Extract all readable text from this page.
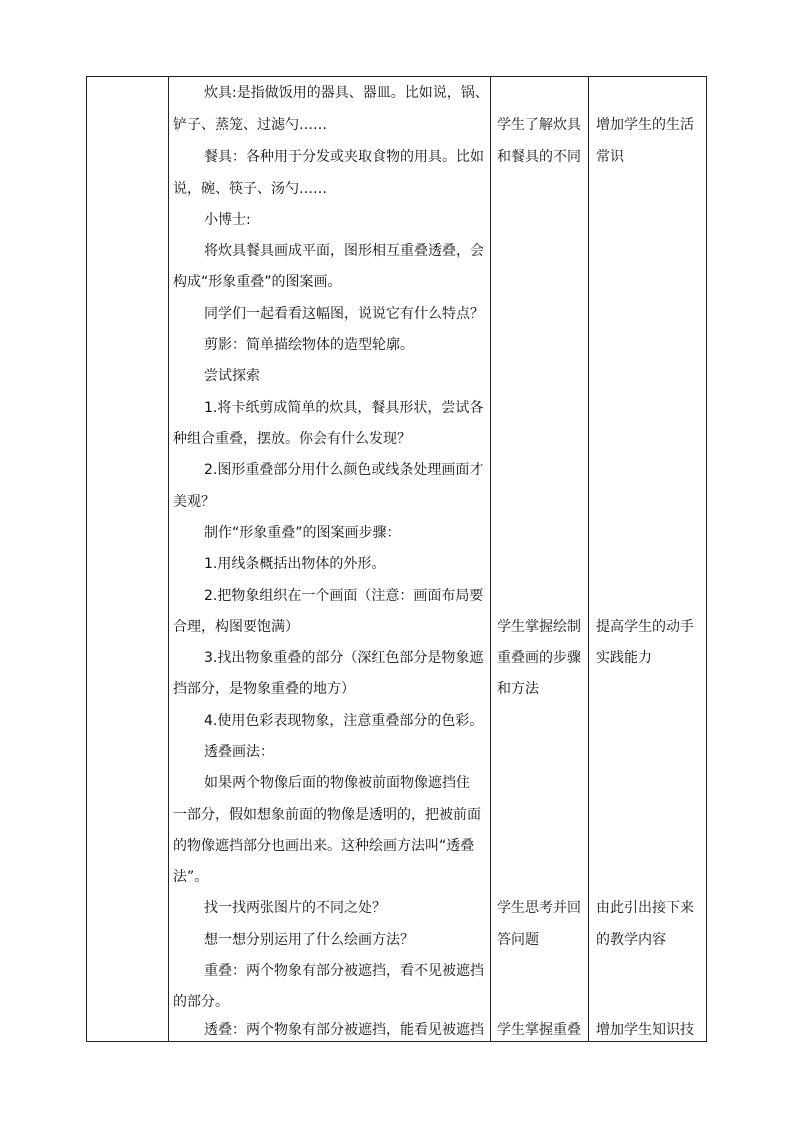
炊具:是指做饭用的器具、器皿。比如说，锅、
铲子、蒸笼、过滤勺……
餐具：各种用于分发或夹取食物的用具。比如
说，碗、筷子、汤勺……
小博士:
将炊具餐具画成平面，图形相互重叠透叠，会
构成“形象重叠”的图案画。
同学们一起看看这幅图，说说它有什么特点？
剪影：简单描绘物体的造型轮廓。
尝试探索
1.将卡纸剪成简单的炊具，餐具形状，尝试各
种组合重叠，摆放。你会有什么发现？
2.图形重叠部分用什么颜色或线条处理画面才
美观？
制作“形象重叠”的图案画步骤：
1.用线条概括出物体的外形。
2.把物象组织在一个画面（注意：画面布局要
合理，构图要饱满）
3.找出物象重叠的部分（深红色部分是物象遮
挡部分，是物象重叠的地方）
4.使用色彩表现物象，注意重叠部分的色彩。
透叠画法：
如果两个物像后面的物像被前面物像遮挡住
一部分，假如想象前面的物像是透明的，把被前面
的物像遮挡部分也画出来。这种绘画方法叫“透叠
法”。
找一找两张图片的不同之处？
想一想分别运用了什么绘画方法？
重叠：两个物象有部分被遮挡，看不见被遮挡
的部分。
透叠：两个物象有部分被遮挡，能看见被遮挡
学生了解炊具
和餐具的不同
学生掌握绘制
重叠画的步骤
和方法
学生思考并回
答问题
学生掌握重叠
增加学生的生活
常识
提高学生的动手
实践能力
由此引出接下来
的教学内容
增加学生知识技
